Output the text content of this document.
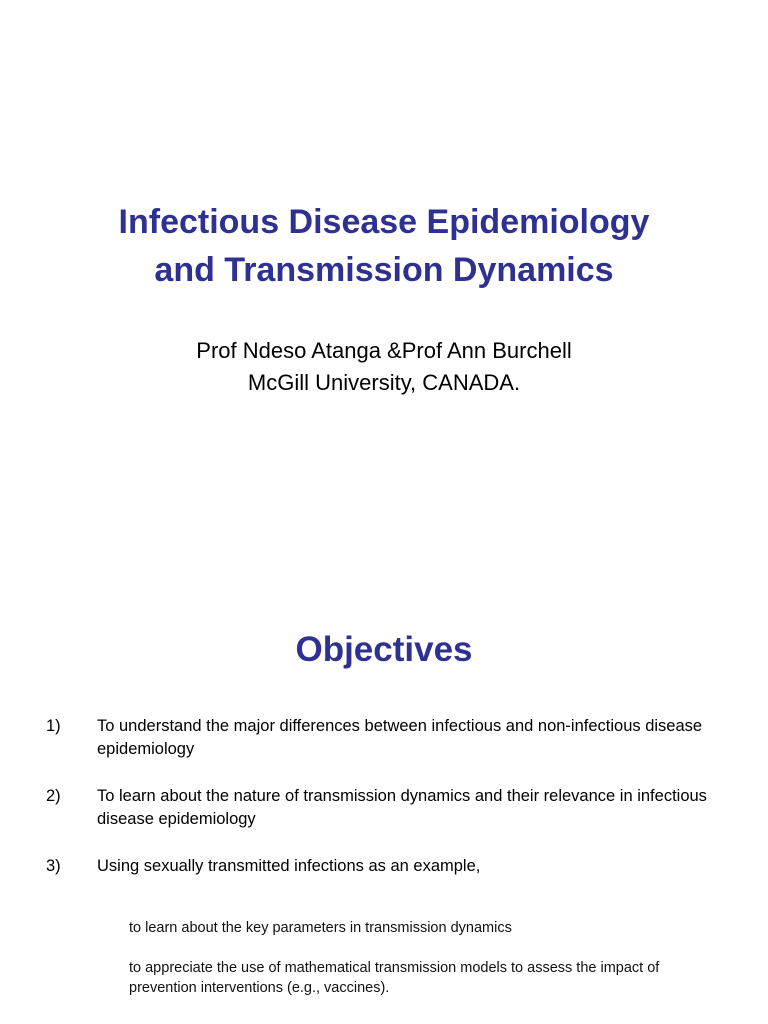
Infectious Disease Epidemiology
and Transmission Dynamics

Prof Ndeso Atanga &Prof Ann Burchell
McGill University, CANADA.

Objectives
1) To understand the major differences between infectious and non-infectious disease epidemiology
2) To learn about the nature of transmission dynamics and their relevance in infectious disease epidemiology
3) Using sexually transmitted infections as an example,

to learn about the key parameters in transmission dynamics

to appreciate the use of mathematical transmission models to assess the impact of prevention interventions (e.g., vaccines).
